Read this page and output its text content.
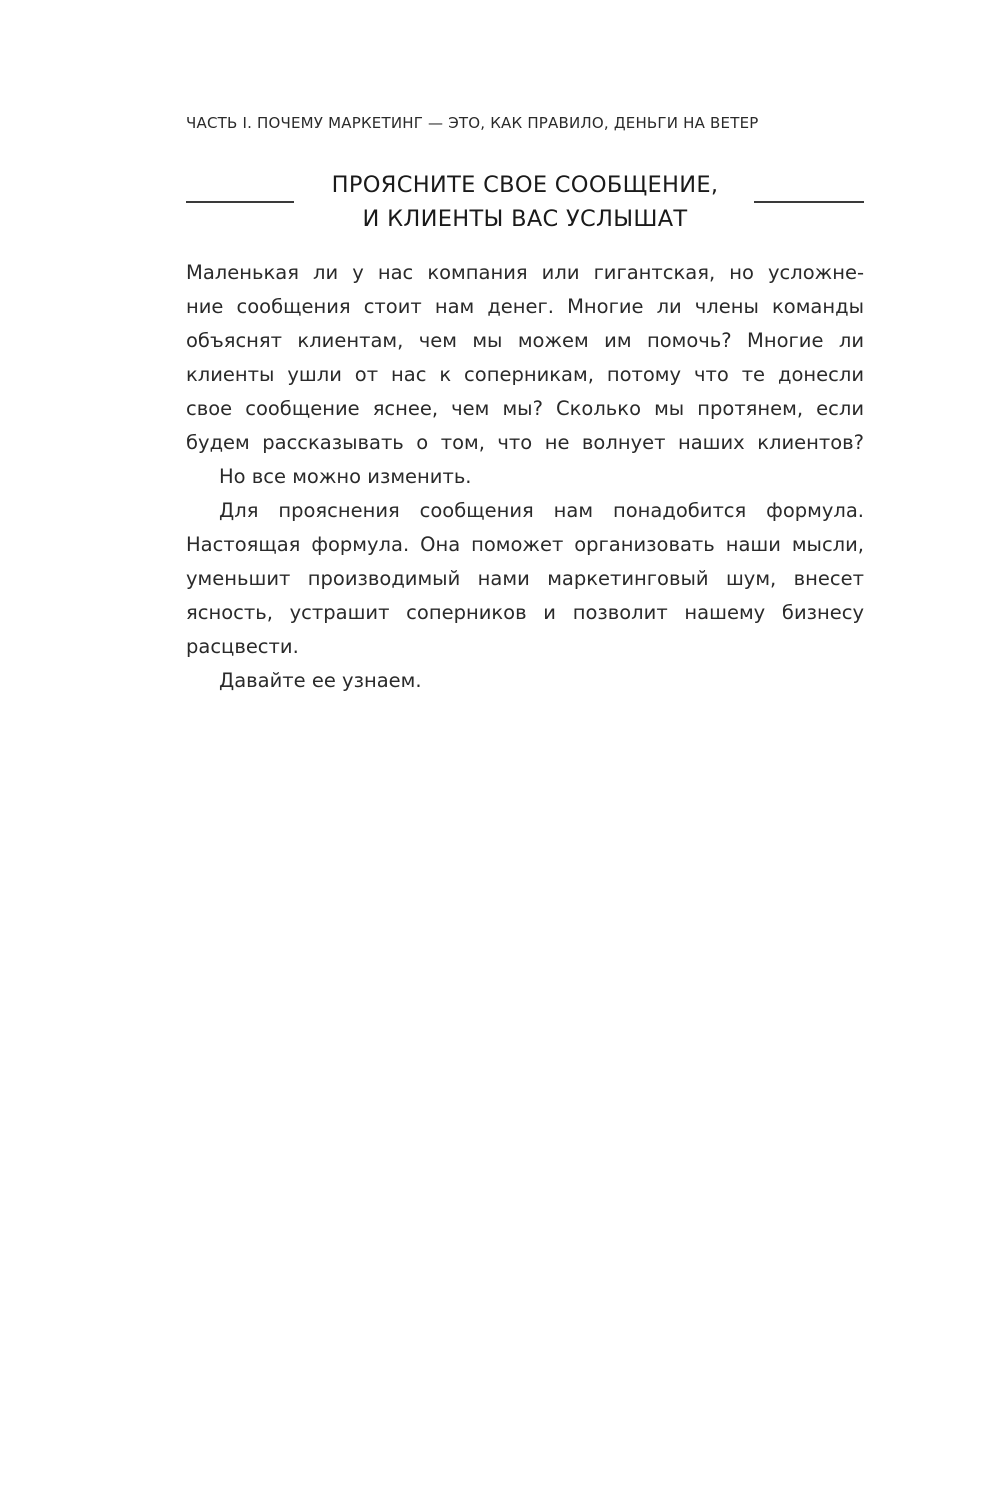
ЧАСТЬ I. ПОЧЕМУ МАРКЕТИНГ — ЭТО, КАК ПРАВИЛО, ДЕНЬГИ НА ВЕТЕР
ПРОЯСНИТЕ СВОЕ СООБЩЕНИЕ,
И КЛИЕНТЫ ВАС УСЛЫШАТ

Маленькая ли у нас компания или гигантская, но усложне-
ние сообщения стоит нам денег. Многие ли члены команды
объяснят клиентам, чем мы можем им помочь? Многие ли
клиенты ушли от нас к соперникам, потому что те донесли
свое сообщение яснее, чем мы? Сколько мы протянем, если
будем рассказывать о том, что не волнует наших клиентов?

Но все можно изменить.

Для прояснения сообщения нам понадобится формула.
Настоящая формула. Она поможет организовать наши мысли,
уменьшит производимый нами маркетинговый шум, внесет
ясность, устрашит соперников и позволит нашему бизнесу
расцвести.

Давайте ее узнаем.
